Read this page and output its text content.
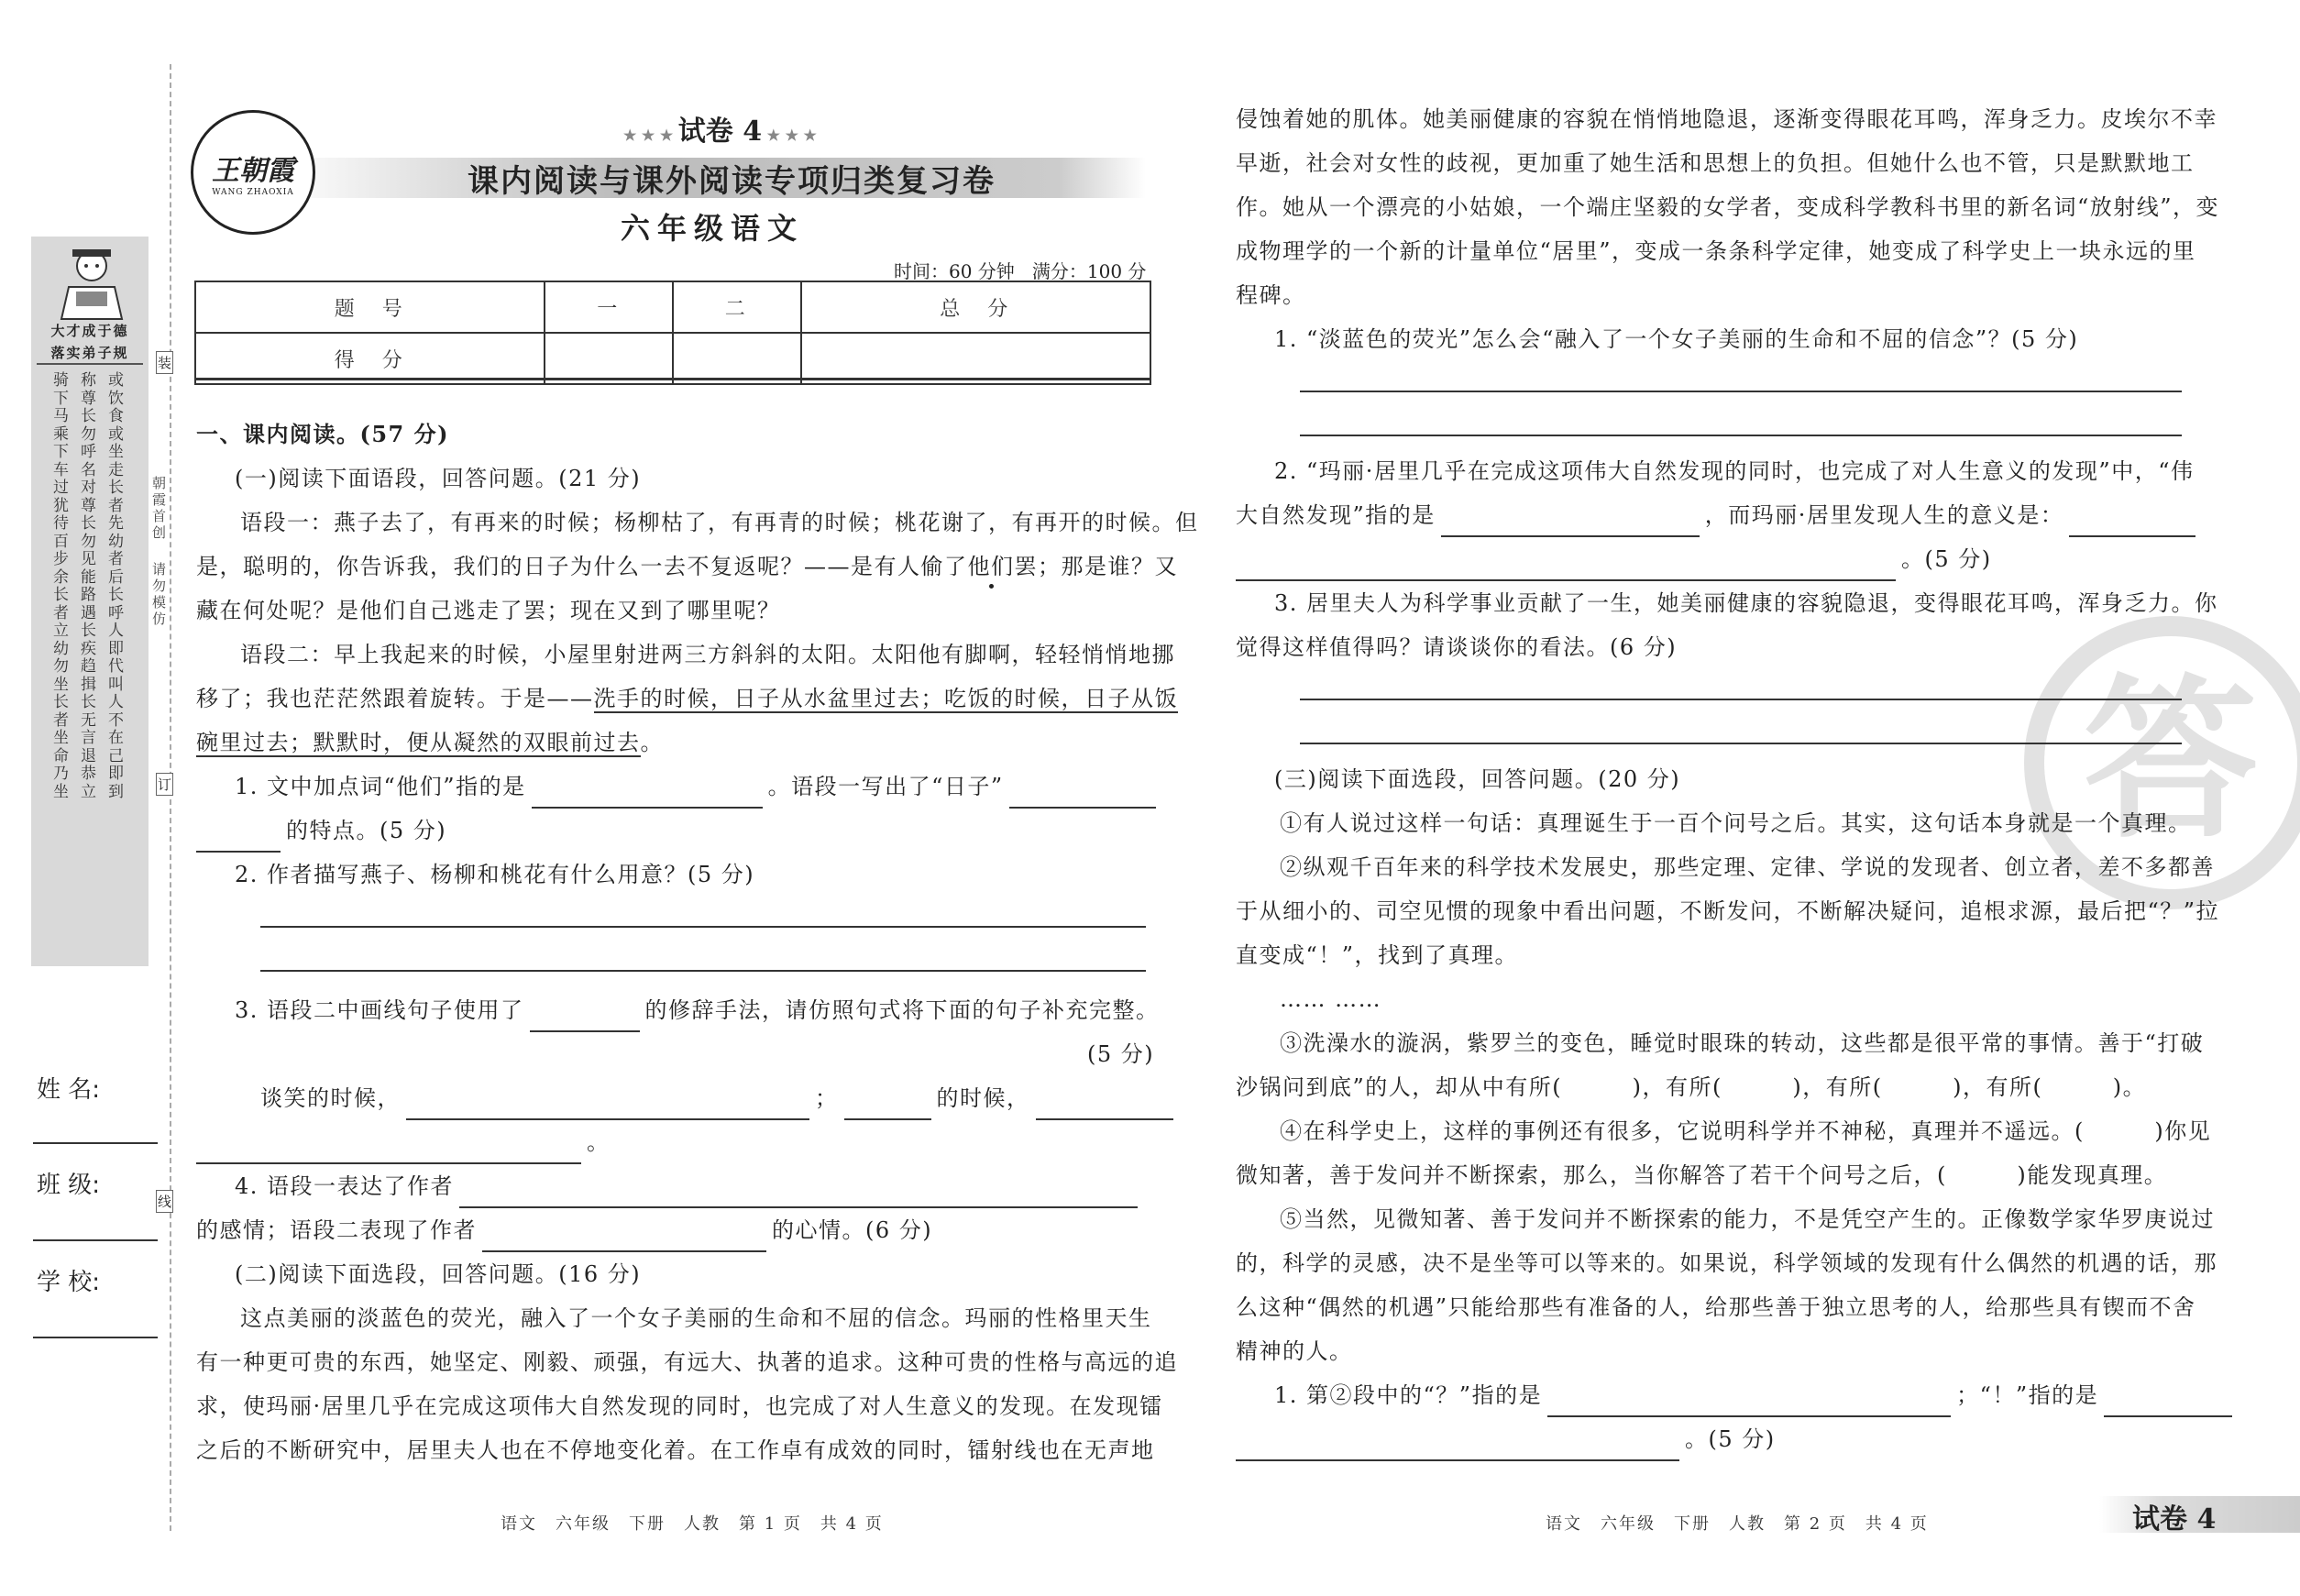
大才成于德
落实弟子规
骑下马乘下车过犹待百步余长者立幼勿坐长者坐命乃坐
称尊长勿呼名对尊长勿见能路遇长疾趋揖长无言退恭立
或饮食或坐走长者先幼者后长呼人即代叫人不在己即到
朝霞首创
请勿模仿
装
订
线
姓 名:
班 级:
学 校:
王朝霞
WANG ZHAOXIA
★ ★ ★ 试卷 4 ★ ★ ★
课内阅读与课外阅读专项归类复习卷
六年级语文
时间：60 分钟   满分：100 分
题　号	一	二	总　分
得　分			
一、课内阅读。(57 分)
(一)阅读下面语段，回答问题。(21 分)
语段一：燕子去了，有再来的时候；杨柳枯了，有再青的时候；桃花谢了，有再开的时候。但
是，聪明的，你告诉我，我们的日子为什么一去不复返呢？——是有人偷了他们罢；那是谁？又
藏在何处呢？是他们自己逃走了罢；现在又到了哪里呢？
语段二：早上我起来的时候，小屋里射进两三方斜斜的太阳。太阳他有脚啊，轻轻悄悄地挪
移了；我也茫茫然跟着旋转。于是——洗手的时候，日子从水盆里过去；吃饭的时候，日子从饭
碗里过去；默默时，便从凝然的双眼前过去。
1. 文中加点词“他们”指的是	。语段一写出了“日子”
的特点。(5 分)
2. 作者描写燕子、杨柳和桃花有什么用意？(5 分)
3. 语段二中画线句子使用了	的修辞手法，请仿照句式将下面的句子补充完整。
(5 分)
谈笑的时候，	；	的时候，
。
4. 语段一表达了作者
的感情；语段二表现了作者	的心情。(6 分)
(二)阅读下面选段，回答问题。(16 分)
这点美丽的淡蓝色的荧光，融入了一个女子美丽的生命和不屈的信念。玛丽的性格里天生
有一种更可贵的东西，她坚定、刚毅、顽强，有远大、执著的追求。这种可贵的性格与高远的追
求，使玛丽·居里几乎在完成这项伟大自然发现的同时，也完成了对人生意义的发现。在发现镭
之后的不断研究中，居里夫人也在不停地变化着。在工作卓有成效的同时，镭射线也在无声地
语文　六年级　下册　人教　第 1 页　共 4 页
答
侵蚀着她的肌体。她美丽健康的容貌在悄悄地隐退，逐渐变得眼花耳鸣，浑身乏力。皮埃尔不幸
早逝，社会对女性的歧视，更加重了她生活和思想上的负担。但她什么也不管，只是默默地工
作。她从一个漂亮的小姑娘，一个端庄坚毅的女学者，变成科学教科书里的新名词“放射线”，变
成物理学的一个新的计量单位“居里”，变成一条条科学定律，她变成了科学史上一块永远的里
程碑。
1. “淡蓝色的荧光”怎么会“融入了一个女子美丽的生命和不屈的信念”？(5 分)
2. “玛丽·居里几乎在完成这项伟大自然发现的同时，也完成了对人生意义的发现”中，“伟
大自然发现”指的是	，而玛丽·居里发现人生的意义是：
。(5 分)
3. 居里夫人为科学事业贡献了一生，她美丽健康的容貌隐退，变得眼花耳鸣，浑身乏力。你
觉得这样值得吗？请谈谈你的看法。(6 分)
(三)阅读下面选段，回答问题。(20 分)
①有人说过这样一句话：真理诞生于一百个问号之后。其实，这句话本身就是一个真理。
②纵观千百年来的科学技术发展史，那些定理、定律、学说的发现者、创立者，差不多都善
于从细小的、司空见惯的现象中看出问题，不断发问，不断解决疑问，追根求源，最后把“？”拉
直变成“！”，找到了真理。
…… ……
③洗澡水的漩涡，紫罗兰的变色，睡觉时眼珠的转动，这些都是很平常的事情。善于“打破
沙锅问到底”的人，却从中有所(　　　)，有所(　　　)，有所(　　　)，有所(　　　)。
④在科学史上，这样的事例还有很多，它说明科学并不神秘，真理并不遥远。(　　　)你见
微知著，善于发问并不断探索，那么，当你解答了若干个问号之后，(　　　)能发现真理。
⑤当然，见微知著、善于发问并不断探索的能力，不是凭空产生的。正像数学家华罗庚说过
的，科学的灵感，决不是坐等可以等来的。如果说，科学领域的发现有什么偶然的机遇的话，那
么这种“偶然的机遇”只能给那些有准备的人，给那些善于独立思考的人，给那些具有锲而不舍
精神的人。
1. 第②段中的“？”指的是	；“！”指的是
。(5 分)
语文　六年级　下册　人教　第 2 页　共 4 页	试卷 4
